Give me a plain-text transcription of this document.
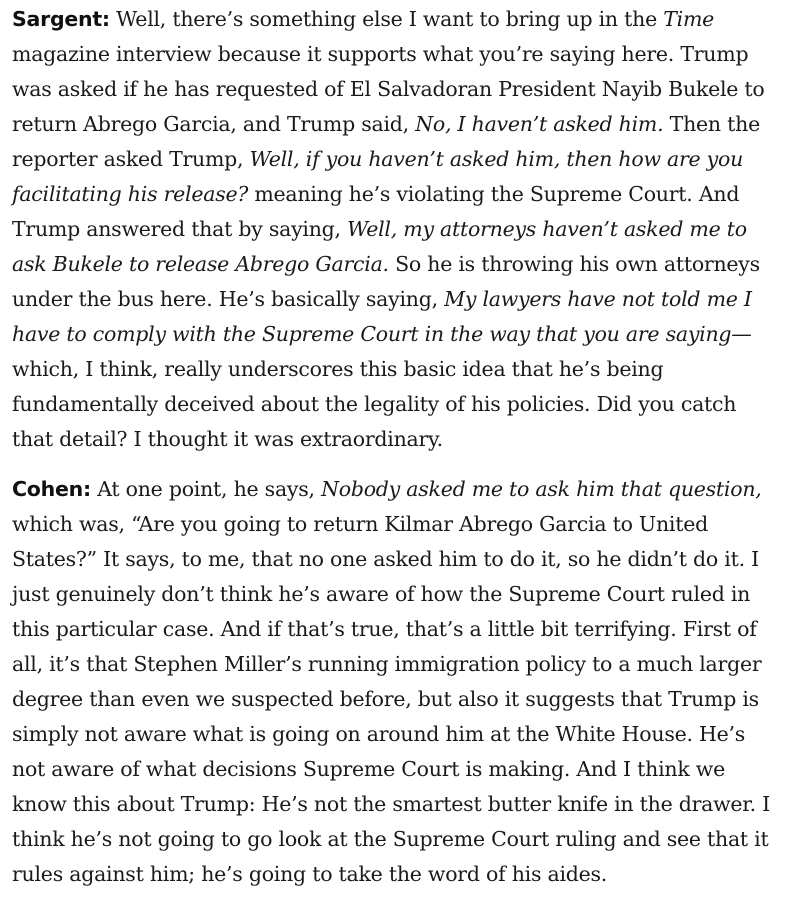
Sargent: Well, there’s something else I want to bring up in the Time magazine interview because it supports what you’re saying here. Trump was asked if he has requested of El Salvadoran President Nayib Bukele to return Abrego Garcia, and Trump said, No, I haven’t asked him. Then the reporter asked Trump, Well, if you haven’t asked him, then how are you facilitating his release? meaning he’s violating the Supreme Court. And Trump answered that by saying, Well, my attorneys haven’t asked me to ask Bukele to release Abrego Garcia. So he is throwing his own attorneys under the bus here. He’s basically saying, My lawyers have not told me I have to comply with the Supreme Court in the way that you are saying—which, I think, really underscores this basic idea that he’s being fundamentally deceived about the legality of his policies. Did you catch that detail? I thought it was extraordinary.

Cohen: At one point, he says, Nobody asked me to ask him that question, which was, “Are you going to return Kilmar Abrego Garcia to United States?” It says, to me, that no one asked him to do it, so he didn’t do it. I just genuinely don’t think he’s aware of how the Supreme Court ruled in this particular case. And if that’s true, that’s a little bit terrifying. First of all, it’s that Stephen Miller’s running immigration policy to a much larger degree than even we suspected before, but also it suggests that Trump is simply not aware what is going on around him at the White House. He’s not aware of what decisions Supreme Court is making. And I think we know this about Trump: He’s not the smartest butter knife in the drawer. I think he’s not going to go look at the Supreme Court ruling and see that it rules against him; he’s going to take the word of his aides.
